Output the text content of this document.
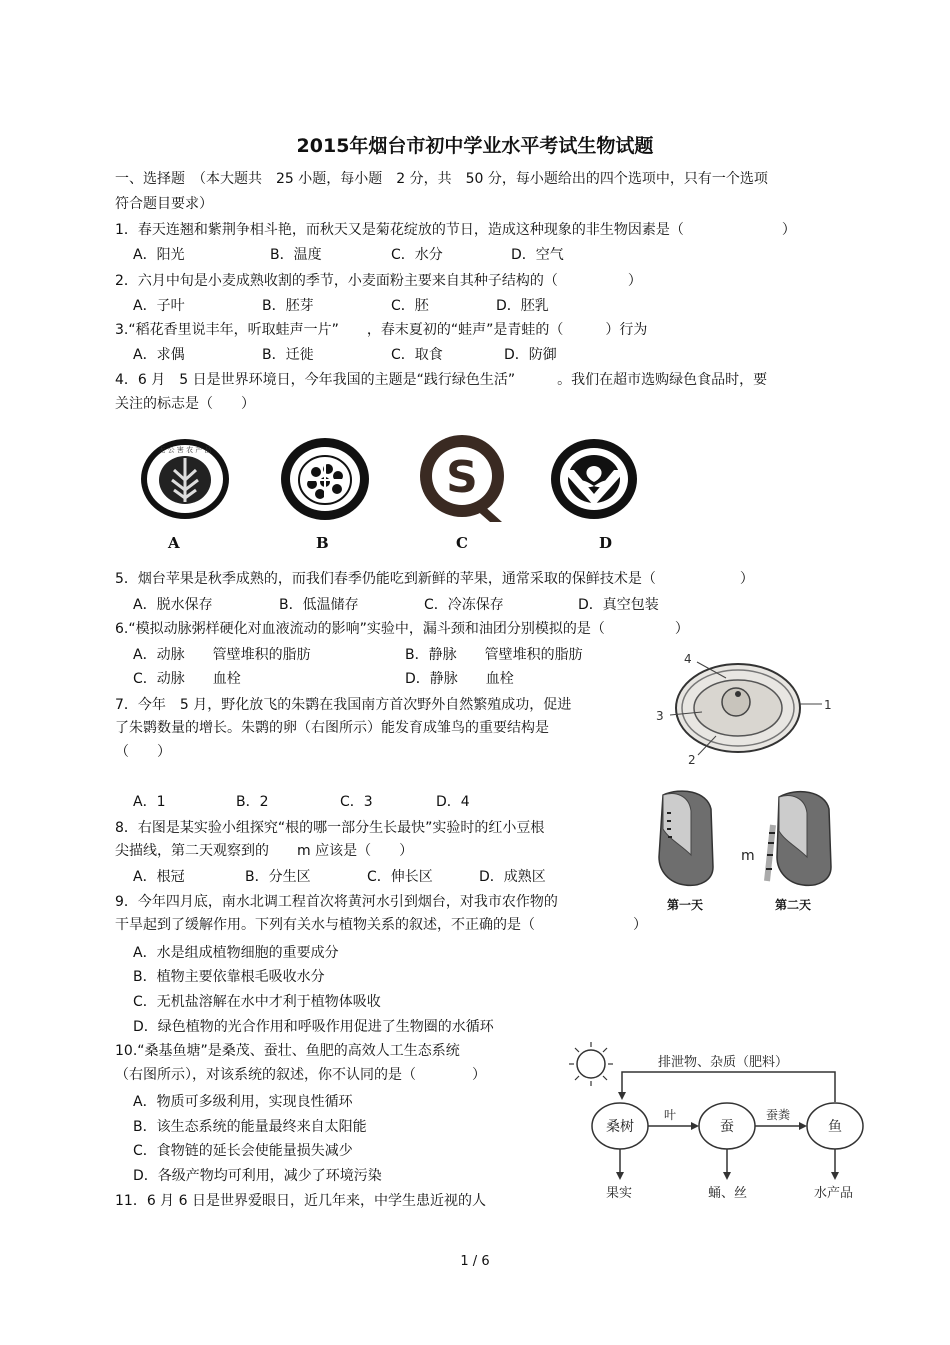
2015年烟台市初中学业水平考试生物试题
一、选择题　（本大题共　25 小题，每小题　2 分，共　50 分，每小题给出的四个选项中，只有一个选项
符合题目要求）
1．春天连翘和紫荆争相斗艳，而秋天又是菊花绽放的节日，造成这种现象的非生物因素是（　　　　　　　）
A．阳光	B．温度	C．水分	D．空气
2．六月中旬是小麦成熟收割的季节，小麦面粉主要来自其种子结构的（　　　　　）
A．子叶	B．胚芽	C．胚	D．胚乳
3.“稻花香里说丰年，听取蛙声一片”　　，春末夏初的“蛙声”是青蛙的（　　　）行为
A．求偶	B．迁徙	C．取食	D．防御
4．6 月　5 日是世界环境日，今年我国的主题是“践行绿色生活”　　　。我们在超市选购绿色食品时，要
关注的标志是（　　）
无 公 害 农 产 品
S
A	B	C	D
5．烟台苹果是秋季成熟的，而我们春季仍能吃到新鲜的苹果，通常采取的保鲜技术是（　　　　　　）
A．脱水保存	B．低温储存	C．冷冻保存	D．真空包装
6.“模拟动脉粥样硬化对血液流动的影响”实验中，漏斗颈和油团分别模拟的是（　　　　　）
A．动脉　　管壁堆积的脂肪	B．静脉　　管壁堆积的脂肪
C．动脉　　血栓	D．静脉　　血栓
4
3
2
1
7．今年　5 月，野化放飞的朱鹮在我国南方首次野外自然繁殖成功，促进
了朱鹮数量的增长。朱鹮的卵（右图所示）能发育成雏鸟的重要结构是
（　　）
A．1	B．2	C．3	D．4
m
第一天	第二天
8．右图是某实验小组探究“根的哪一部分生长最快”实验时的红小豆根
尖描线，第二天观察到的　　m 应该是（　　）
A．根冠	B．分生区	C．伸长区	D．成熟区
9．今年四月底，南水北调工程首次将黄河水引到烟台，对我市农作物的
干旱起到了缓解作用。下列有关水与植物关系的叙述，不正确的是（　　　　　　　）
A．水是组成植物细胞的重要成分
B．植物主要依靠根毛吸收水分
C．无机盐溶解在水中才利于植物体吸收
D．绿色植物的光合作用和呼吸作用促进了生物圈的水循环
排泄物、杂质（肥料）
桑树	蚕	鱼
叶	蚕粪
果实	蛹、丝	水产品
10.“桑基鱼塘”是桑茂、蚕壮、鱼肥的高效人工生态系统
（右图所示），对该系统的叙述，你不认同的是（　　　　）
A．物质可多级利用，实现良性循环
B．该生态系统的能量最终来自太阳能
C．食物链的延长会使能量损失减少
D．各级产物均可利用，减少了环境污染
11．6 月 6 日是世界爱眼日，近几年来，中学生患近视的人
1 / 6
